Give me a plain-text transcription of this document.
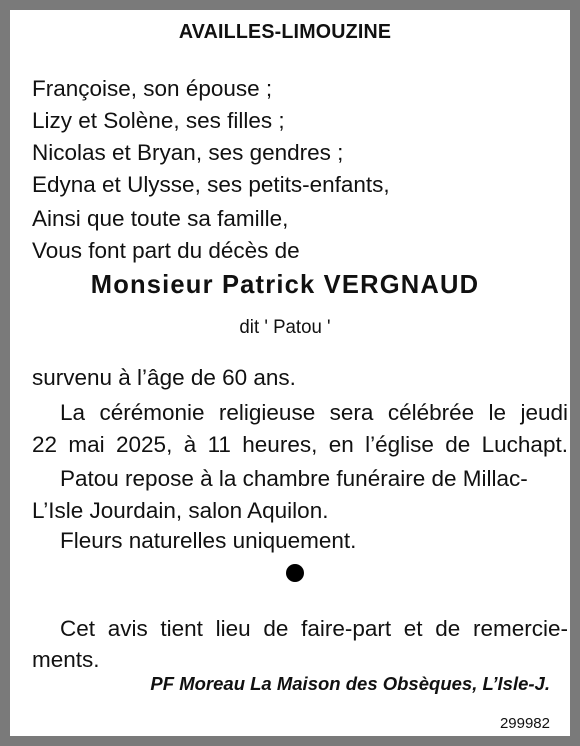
AVAILLES-LIMOUZINE
Françoise, son épouse ;
Lizy et Solène, ses filles ;
Nicolas et Bryan, ses gendres ;
Edyna et Ulysse, ses petits-enfants,
Ainsi que toute sa famille,
Vous font part du décès de
Monsieur Patrick VERGNAUD
dit ' Patou '
survenu à l’âge de 60 ans.
La cérémonie religieuse sera célébrée le jeudi
22 mai 2025, à 11 heures, en l’église de Luchapt.
Patou repose à la chambre funéraire de Millac-
L’Isle Jourdain, salon Aquilon.
Fleurs naturelles uniquement.
Cet avis tient lieu de faire-part et de remercie-
ments.
PF Moreau La Maison des Obsèques, L’Isle-J.
299982
